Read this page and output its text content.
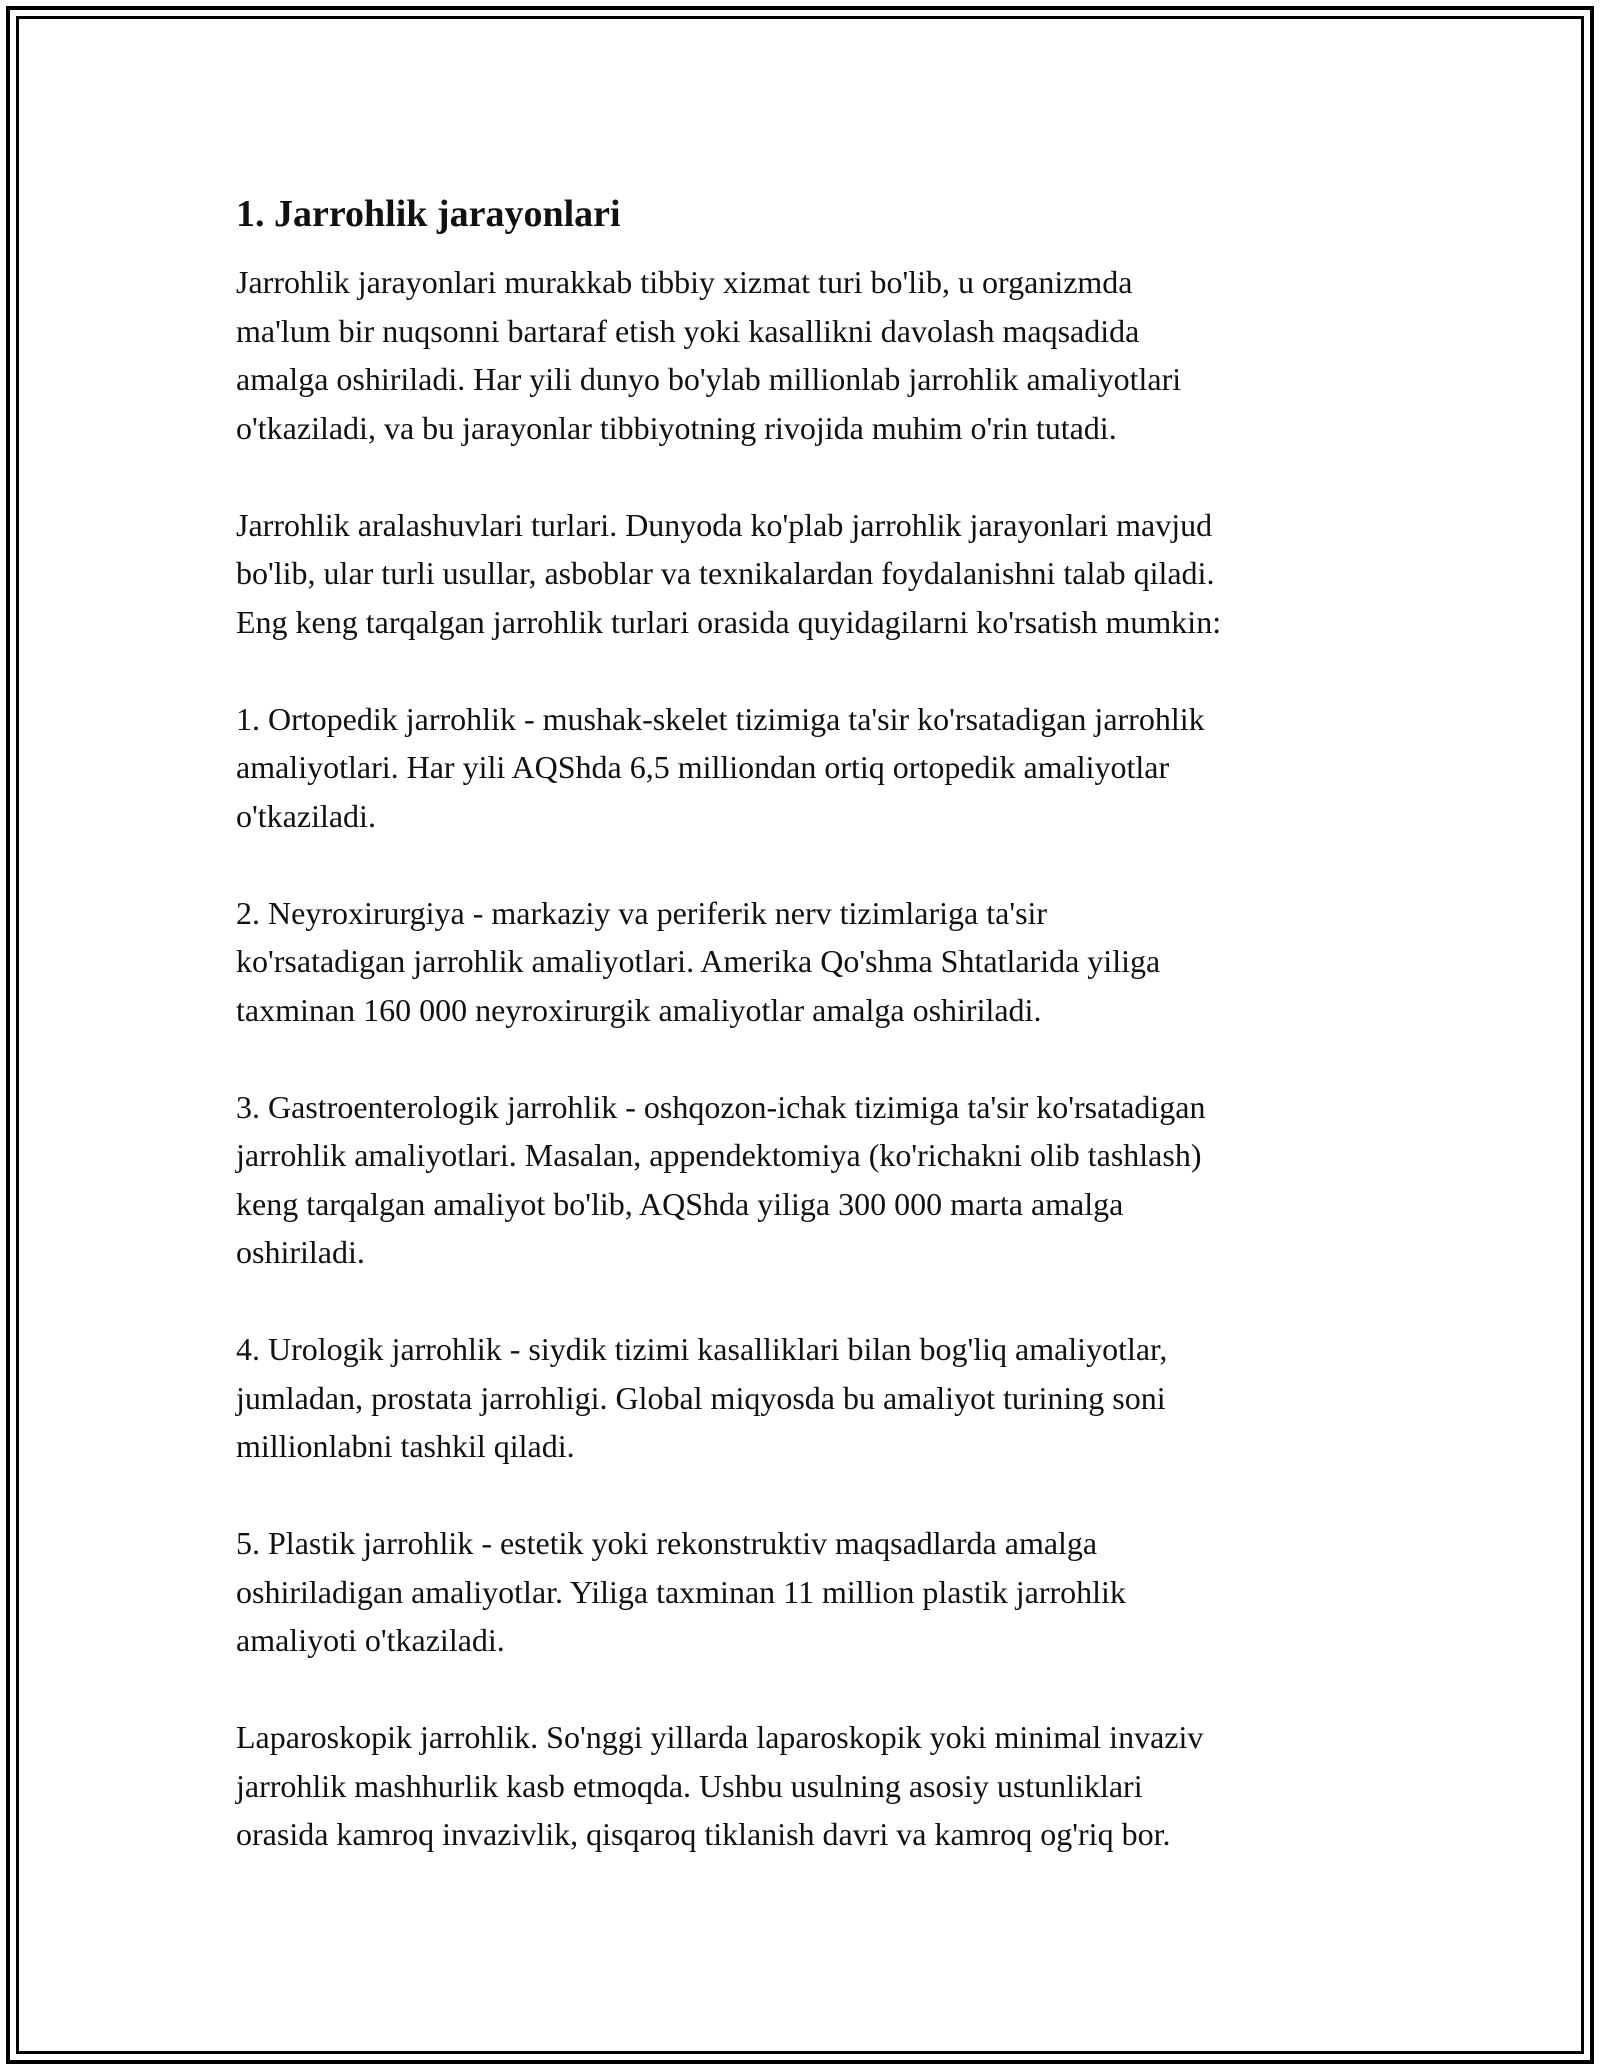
1. Jarrohlik jarayonlari
Jarrohlik jarayonlari murakkab tibbiy xizmat turi bo'lib, u organizmda
ma'lum bir nuqsonni bartaraf etish yoki kasallikni davolash maqsadida
amalga oshiriladi. Har yili dunyo bo'ylab millionlab jarrohlik amaliyotlari
o'tkaziladi, va bu jarayonlar tibbiyotning rivojida muhim o'rin tutadi.
Jarrohlik aralashuvlari turlari. Dunyoda ko'plab jarrohlik jarayonlari mavjud
bo'lib, ular turli usullar, asboblar va texnikalardan foydalanishni talab qiladi.
Eng keng tarqalgan jarrohlik turlari orasida quyidagilarni ko'rsatish mumkin:
1. Ortopedik jarrohlik - mushak-skelet tizimiga ta'sir ko'rsatadigan jarrohlik
amaliyotlari. Har yili AQShda 6,5 milliondan ortiq ortopedik amaliyotlar
o'tkaziladi.
2. Neyroxirurgiya - markaziy va periferik nerv tizimlariga ta'sir
ko'rsatadigan jarrohlik amaliyotlari. Amerika Qo'shma Shtatlarida yiliga
taxminan 160 000 neyroxirurgik amaliyotlar amalga oshiriladi.
3. Gastroenterologik jarrohlik - oshqozon-ichak tizimiga ta'sir ko'rsatadigan
jarrohlik amaliyotlari. Masalan, appendektomiya (ko'richakni olib tashlash)
keng tarqalgan amaliyot bo'lib, AQShda yiliga 300 000 marta amalga
oshiriladi.
4. Urologik jarrohlik - siydik tizimi kasalliklari bilan bog'liq amaliyotlar,
jumladan, prostata jarrohligi. Global miqyosda bu amaliyot turining soni
millionlabni tashkil qiladi.
5. Plastik jarrohlik - estetik yoki rekonstruktiv maqsadlarda amalga
oshiriladigan amaliyotlar. Yiliga taxminan 11 million plastik jarrohlik
amaliyoti o'tkaziladi.
Laparoskopik jarrohlik. So'nggi yillarda laparoskopik yoki minimal invaziv
jarrohlik mashhurlik kasb etmoqda. Ushbu usulning asosiy ustunliklari
orasida kamroq invazivlik, qisqaroq tiklanish davri va kamroq og'riq bor.
